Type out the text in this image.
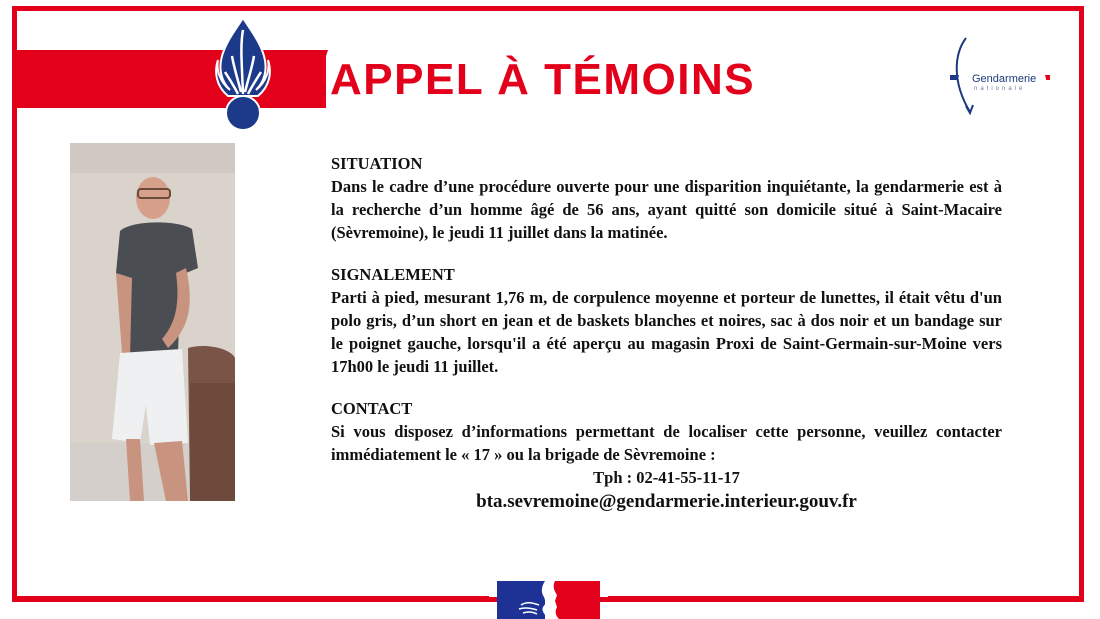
APPEL À TÉMOINS	Gendarmerie
nationale

SITUATION

Dans le cadre d’une procédure ouverte pour une disparition inquiétante, la gendarmerie est à la recherche d’un homme âgé de 56 ans, ayant quitté son domicile situé à Saint-Macaire (Sèvremoine), le jeudi 11 juillet dans la matinée.

SIGNALEMENT

Parti à pied, mesurant 1,76 m, de corpulence moyenne et porteur de lunettes, il était vêtu d'un polo gris, d’un short en jean et de baskets blanches et noires, sac à dos noir et un bandage sur le poignet gauche, lorsqu'il a été aperçu au magasin Proxi de Saint-Germain-sur-Moine vers 17h00 le jeudi 11 juillet.

CONTACT

Si vous disposez d’informations permettant de localiser cette personne, veuillez contacter immédiatement le « 17 » ou la brigade de Sèvremoine :

Tph : 02-41-55-11-17

bta.sevremoine@gendarmerie.interieur.gouv.fr
